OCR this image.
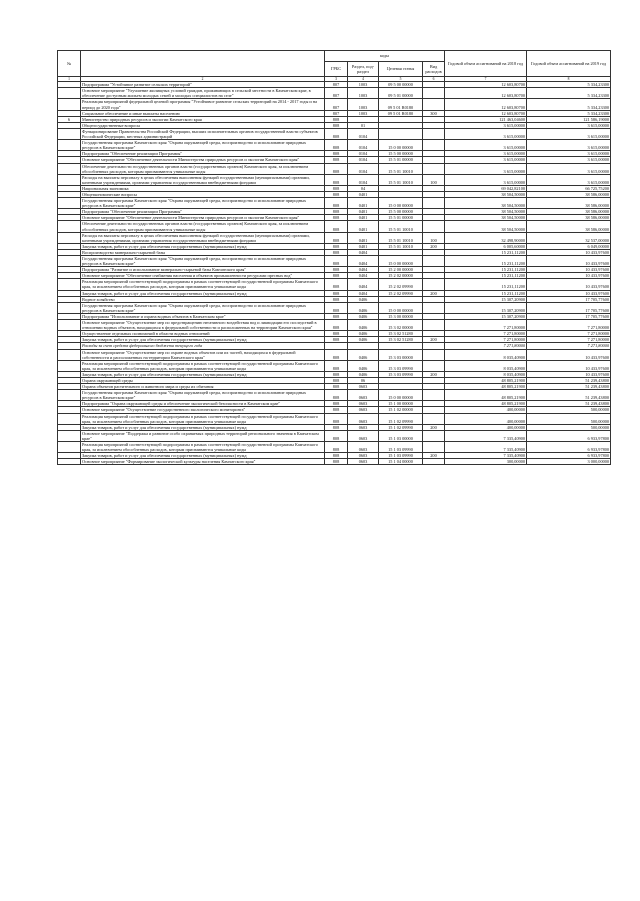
№		коды				Годовой объем ассигнований на 2018 год	Годовой объем ассигнований на 2019 год
		ГРБС	Раздел, под-раздел	Целевая статья	Вид расходов		
1	2	3	4	5	6	7	8
	Подпрограмма "Устойчивое развитие сельских территорий"	807	1003	09 5 00 00000		12 603,80700	5 334,23300
	Основное мероприятие "Улучшение жилищных условий граждан, проживающих в сельской местности в Камчатском крае, в обеспечение доступным жильем молодых семей и молодых специалистов на селе"	807	1003	09 5 01 00000		12 603,80700	5 334,23300
	Реализация мероприятий федеральной целевой программы "Устойчивое развитие сельских территорий на 2014 - 2017 годы и на период до 2020 года"	807	1003	09 5 01 R0180		12 603,80700	5 334,23300
	Социальное обеспечение и иные выплаты населению	807	1003	09 5 01 R0180	300	12 603,80700	5 334,23300
6	Министерство природных ресурсов и экологии Камчатского края	808				121 463,04600	121 586,19000
	Общегосударственные вопросы	808	01			3 615,00000	3 615,00000
	Функционирование Правительства Российской Федерации, высших исполнительных органов государственной власти субъектов Российской Федерации, местных администраций	808	0104			3 615,00000	3 615,00000
	Государственная программа Камчатского края "Охрана окружающей среды, воспроизводство и использование природных ресурсов в Камчатском крае"	808	0104	15 0 00 00000		3 615,00000	3 615,00000
	Подпрограмма "Обеспечение реализации Программы"	808	0104	15 5 00 00000		3 615,00000	3 615,00000
	Основное мероприятие "Обеспечение деятельности Министерства природных ресурсов и экологии Камчатского края"	808	0104	15 5 01 00000		3 615,00000	3 615,00000
	Обеспечение деятельности государственных органов власти (государственных органов) Камчатского края, за исключением обособленных расходов, которым присваиваются уникальные коды	808	0104	15 5 01 10010		3 615,00000	3 615,00000
	Расходы на выплаты персоналу в целях обеспечения выполнения функций государственными (муниципальными) органами, казенными учреждениями, органами управления государственными внебюджетными фондами	808	0104	15 5 01 10010	100	3 615,00000	3 615,00000
	Национальная экономика	808	04			69 042,82100	66 725,75200
	Общеэкономические вопросы	808	0401			38 504,50000	38 586,00000
	Государственная программа Камчатского края "Охрана окружающей среды, воспроизводство и использование природных ресурсов в Камчатском крае"	808	0401	15 0 00 00000		38 504,50000	38 586,00000
	Подпрограмма "Обеспечение реализации Программы"	808	0401	15 5 00 00000		38 504,50000	38 586,00000
	Основное мероприятие "Обеспечение деятельности Министерства природных ресурсов и экологии Камчатского края"	808	0401	15 5 01 00000		38 504,50000	38 586,00000
	Обеспечение деятельности государственных органов власти (государственных органов) Камчатского края, за исключением обособленных расходов, которым присваиваются уникальные коды	808	0401	15 5 01 10010		38 504,50000	38 586,00000
	Расходы на выплаты персоналу в целях обеспечения выполнения функций государственными (муниципальными) органами, казенными учреждениями, органами управления государственными внебюджетными фондами	808	0401	15 5 01 10010	100	32 498,90000	32 537,00000
	Закупка товаров, работ и услуг для обеспечения государственных (муниципальных) нужд	808	0401	15 5 01 10010	200	6 005,60000	6 049,00000
	Воспроизводство минерально-сырьевой базы	808	0404			15 231,11200	10 433,97600
	Государственная программа Камчатского края "Охрана окружающей среды, воспроизводство и использование природных ресурсов в Камчатском крае"	808	0404	15 0 00 00000		15 231,11200	10 433,97600
	Подпрограмма "Развитие и использование минерально-сырьевой базы Камчатского края"	808	0404	15 2 00 00000		15 231,11200	10 433,97600
	Основное мероприятие "Обеспечение снабжения населения и объектов промышленности ресурсами пресных вод"	808	0404	15 2 02 00000		15 231,11200	10 433,97600
	Реализация мероприятий соответствующей подпрограммы в рамках соответствующей государственной программы Камчатского края, за исключением обособленных расходов, которым присваиваются уникальные коды	808	0404	15 2 02 09990		15 231,11200	10 433,97600
	Закупка товаров, работ и услуг для обеспечения государственных (муниципальных) нужд	808	0404	15 2 02 09990	200	15 231,11200	10 433,97600
	Водное хозяйство	808	0406			15 307,20900	17 705,77600
	Государственная программа Камчатского края "Охрана окружающей среды, воспроизводство и использование природных ресурсов в Камчатском крае"	808	0406	15 0 00 00000		15 307,20900	17 705,77600
	Подпрограмма "Использование и охрана водных объектов в Камчатском крае"	808	0406	15 3 00 00000		15 307,20900	17 705,77600
	Основное мероприятие "Осуществление мер по предотвращению негативного воздействия вод и ликвидации его последствий в отношении водных объектов, находящихся в федеральной собственности и расположенных на территории Камчатского края"	808	0406	15 3 02 00000		7 271,80000	7 271,80000
	Осуществление отдельных полномочий в области водных отношений	808	0406	15 3 02 51280		7 271,80000	7 271,80000
	Закупка товаров, работ и услуг для обеспечения государственных (муниципальных) нужд	808	0406	15 3 02 51280	200	7 271,80000	7 271,80000
	Расходы за счет средств федерального бюджета текущего года					7 271,80000	7 271,80000
	Основное мероприятие "Осуществление мер по охране водных объектов или их частей, находящихся в федеральной собственности и расположенных на территории Камчатского края"	808	0406	15 3 03 00000		8 035,40900	10 433,97600
	Реализация мероприятий соответствующей подпрограммы в рамках соответствующей государственной программы Камчатского края, за исключением обособленных расходов, которым присваиваются уникальные коды	808	0406	15 3 03 09990		8 035,40900	10 433,97600
	Закупка товаров, работ и услуг для обеспечения государственных (муниципальных) нужд	808	0406	15 3 03 09990	200	8 035,40900	10 433,97600
	Охрана окружающей среды	808	06			48 805,21900	51 239,43800
	Охрана объектов растительного и животного мира и среды их обитания	808	0603			48 805,21900	51 239,43800
	Государственная программа Камчатского края "Охрана окружающей среды, воспроизводство и использование природных ресурсов в Камчатском крае"	808	0603	15 0 00 00000		48 805,21900	51 239,43800
	Подпрограмма "Охрана окружающей среды и обеспечение экологической безопасности в Камчатском крае"	808	0603	15 1 00 00000		48 805,21900	51 239,43800
	Основное мероприятие "Осуществление государственного экологического мониторинга"	808	0603	15 1 02 00000		400,00000	500,00000
	Реализация мероприятий соответствующей подпрограммы в рамках соответствующей государственной программы Камчатского края, за исключением обособленных расходов, которым присваиваются уникальные коды	808	0603	15 1 02 09990		400,00000	500,00000
	Закупка товаров, работ и услуг для обеспечения государственных (муниципальных) нужд	808	0603	15 1 02 09990	200	400,00000	500,00000
	Основное мероприятие "Поддержка и развитие особо охраняемых природных территорий регионального значения в Камчатском крае"	808	0603	15 1 03 00000		7 335,40900	6 933,97800
	Реализация мероприятий соответствующей подпрограммы в рамках соответствующей государственной программы Камчатского края, за исключением обособленных расходов, которым присваиваются уникальные коды	808	0603	15 1 03 09990		7 335,40900	6 933,97800
	Закупка товаров, работ и услуг для обеспечения государственных (муниципальных) нужд	808	0603	15 1 03 09990	200	7 335,40900	6 933,97800
	Основное мероприятие "Формирование экологической культуры населения Камчатского края"	808	0603	15 1 04 00000		300,00000	3 000,00000
